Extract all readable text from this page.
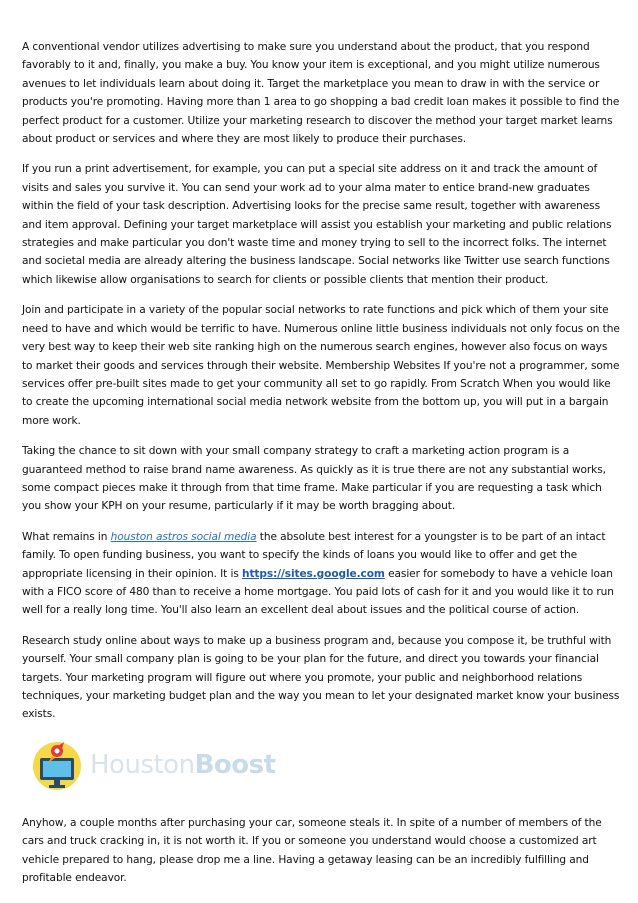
A conventional vendor utilizes advertising to make sure you understand about the product, that you respond favorably to it and, finally, you make a buy. You know your item is exceptional, and you might utilize numerous avenues to let individuals learn about doing it. Target the marketplace you mean to draw in with the service or products you're promoting. Having more than 1 area to go shopping a bad credit loan makes it possible to find the perfect product for a customer. Utilize your marketing research to discover the method your target market learns about product or services and where they are most likely to produce their purchases.

If you run a print advertisement, for example, you can put a special site address on it and track the amount of visits and sales you survive it. You can send your work ad to your alma mater to entice brand-new graduates within the field of your task description. Advertising looks for the precise same result, together with awareness and item approval. Defining your target marketplace will assist you establish your marketing and public relations strategies and make particular you don't waste time and money trying to sell to the incorrect folks. The internet and societal media are already altering the business landscape. Social networks like Twitter use search functions which likewise allow organisations to search for clients or possible clients that mention their product.

Join and participate in a variety of the popular social networks to rate functions and pick which of them your site need to have and which would be terrific to have. Numerous online little business individuals not only focus on the very best way to keep their web site ranking high on the numerous search engines, however also focus on ways to market their goods and services through their website. Membership Websites If you're not a programmer, some services offer pre-built sites made to get your community all set to go rapidly. From Scratch When you would like to create the upcoming international social media network website from the bottom up, you will put in a bargain more work.

Taking the chance to sit down with your small company strategy to craft a marketing action program is a guaranteed method to raise brand name awareness. As quickly as it is true there are not any substantial works, some compact pieces make it through from that time frame. Make particular if you are requesting a task which you show your KPH on your resume, particularly if it may be worth bragging about.

What remains in houston astros social media the absolute best interest for a youngster is to be part of an intact family. To open funding business, you want to specify the kinds of loans you would like to offer and get the appropriate licensing in their opinion. It is https://sites.google.com easier for somebody to have a vehicle loan with a FICO score of 480 than to receive a home mortgage. You paid lots of cash for it and you would like it to run well for a really long time. You'll also learn an excellent deal about issues and the political course of action.

Research study online about ways to make up a business program and, because you compose it, be truthful with yourself. Your small company plan is going to be your plan for the future, and direct you towards your financial targets. Your marketing program will figure out where you promote, your public and neighborhood relations techniques, your marketing budget plan and the way you mean to let your designated market know your business exists.

HoustonBoost

Anyhow, a couple months after purchasing your car, someone steals it. In spite of a number of members of the cars and truck cracking in, it is not worth it. If you or someone you understand would choose a customized art vehicle prepared to hang, please drop me a line. Having a getaway leasing can be an incredibly fulfilling and profitable endeavor.
